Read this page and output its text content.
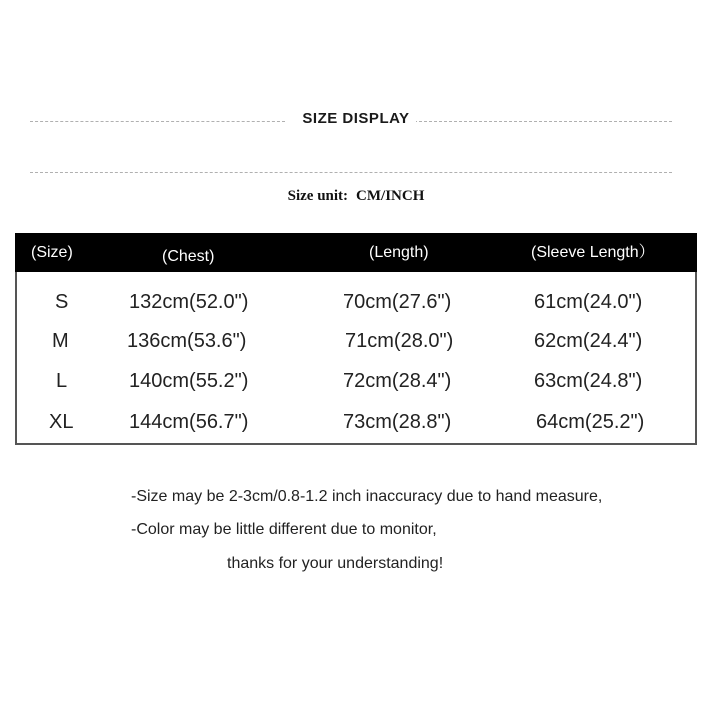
SIZE DISPLAY
Size unit: CM/INCH
(Size)	(Chest)	(Length)	(Sleeve Length）
S	132cm(52.0")	70cm(27.6")	61cm(24.0")
M	136cm(53.6")	71cm(28.0")	62cm(24.4")
L	140cm(55.2")	72cm(28.4")	63cm(24.8")
XL	144cm(56.7")	73cm(28.8")	64cm(25.2")
-Size may be 2-3cm/0.8-1.2 inch inaccuracy due to hand measure,
-Color may be little different due to monitor,
thanks for your understanding!
